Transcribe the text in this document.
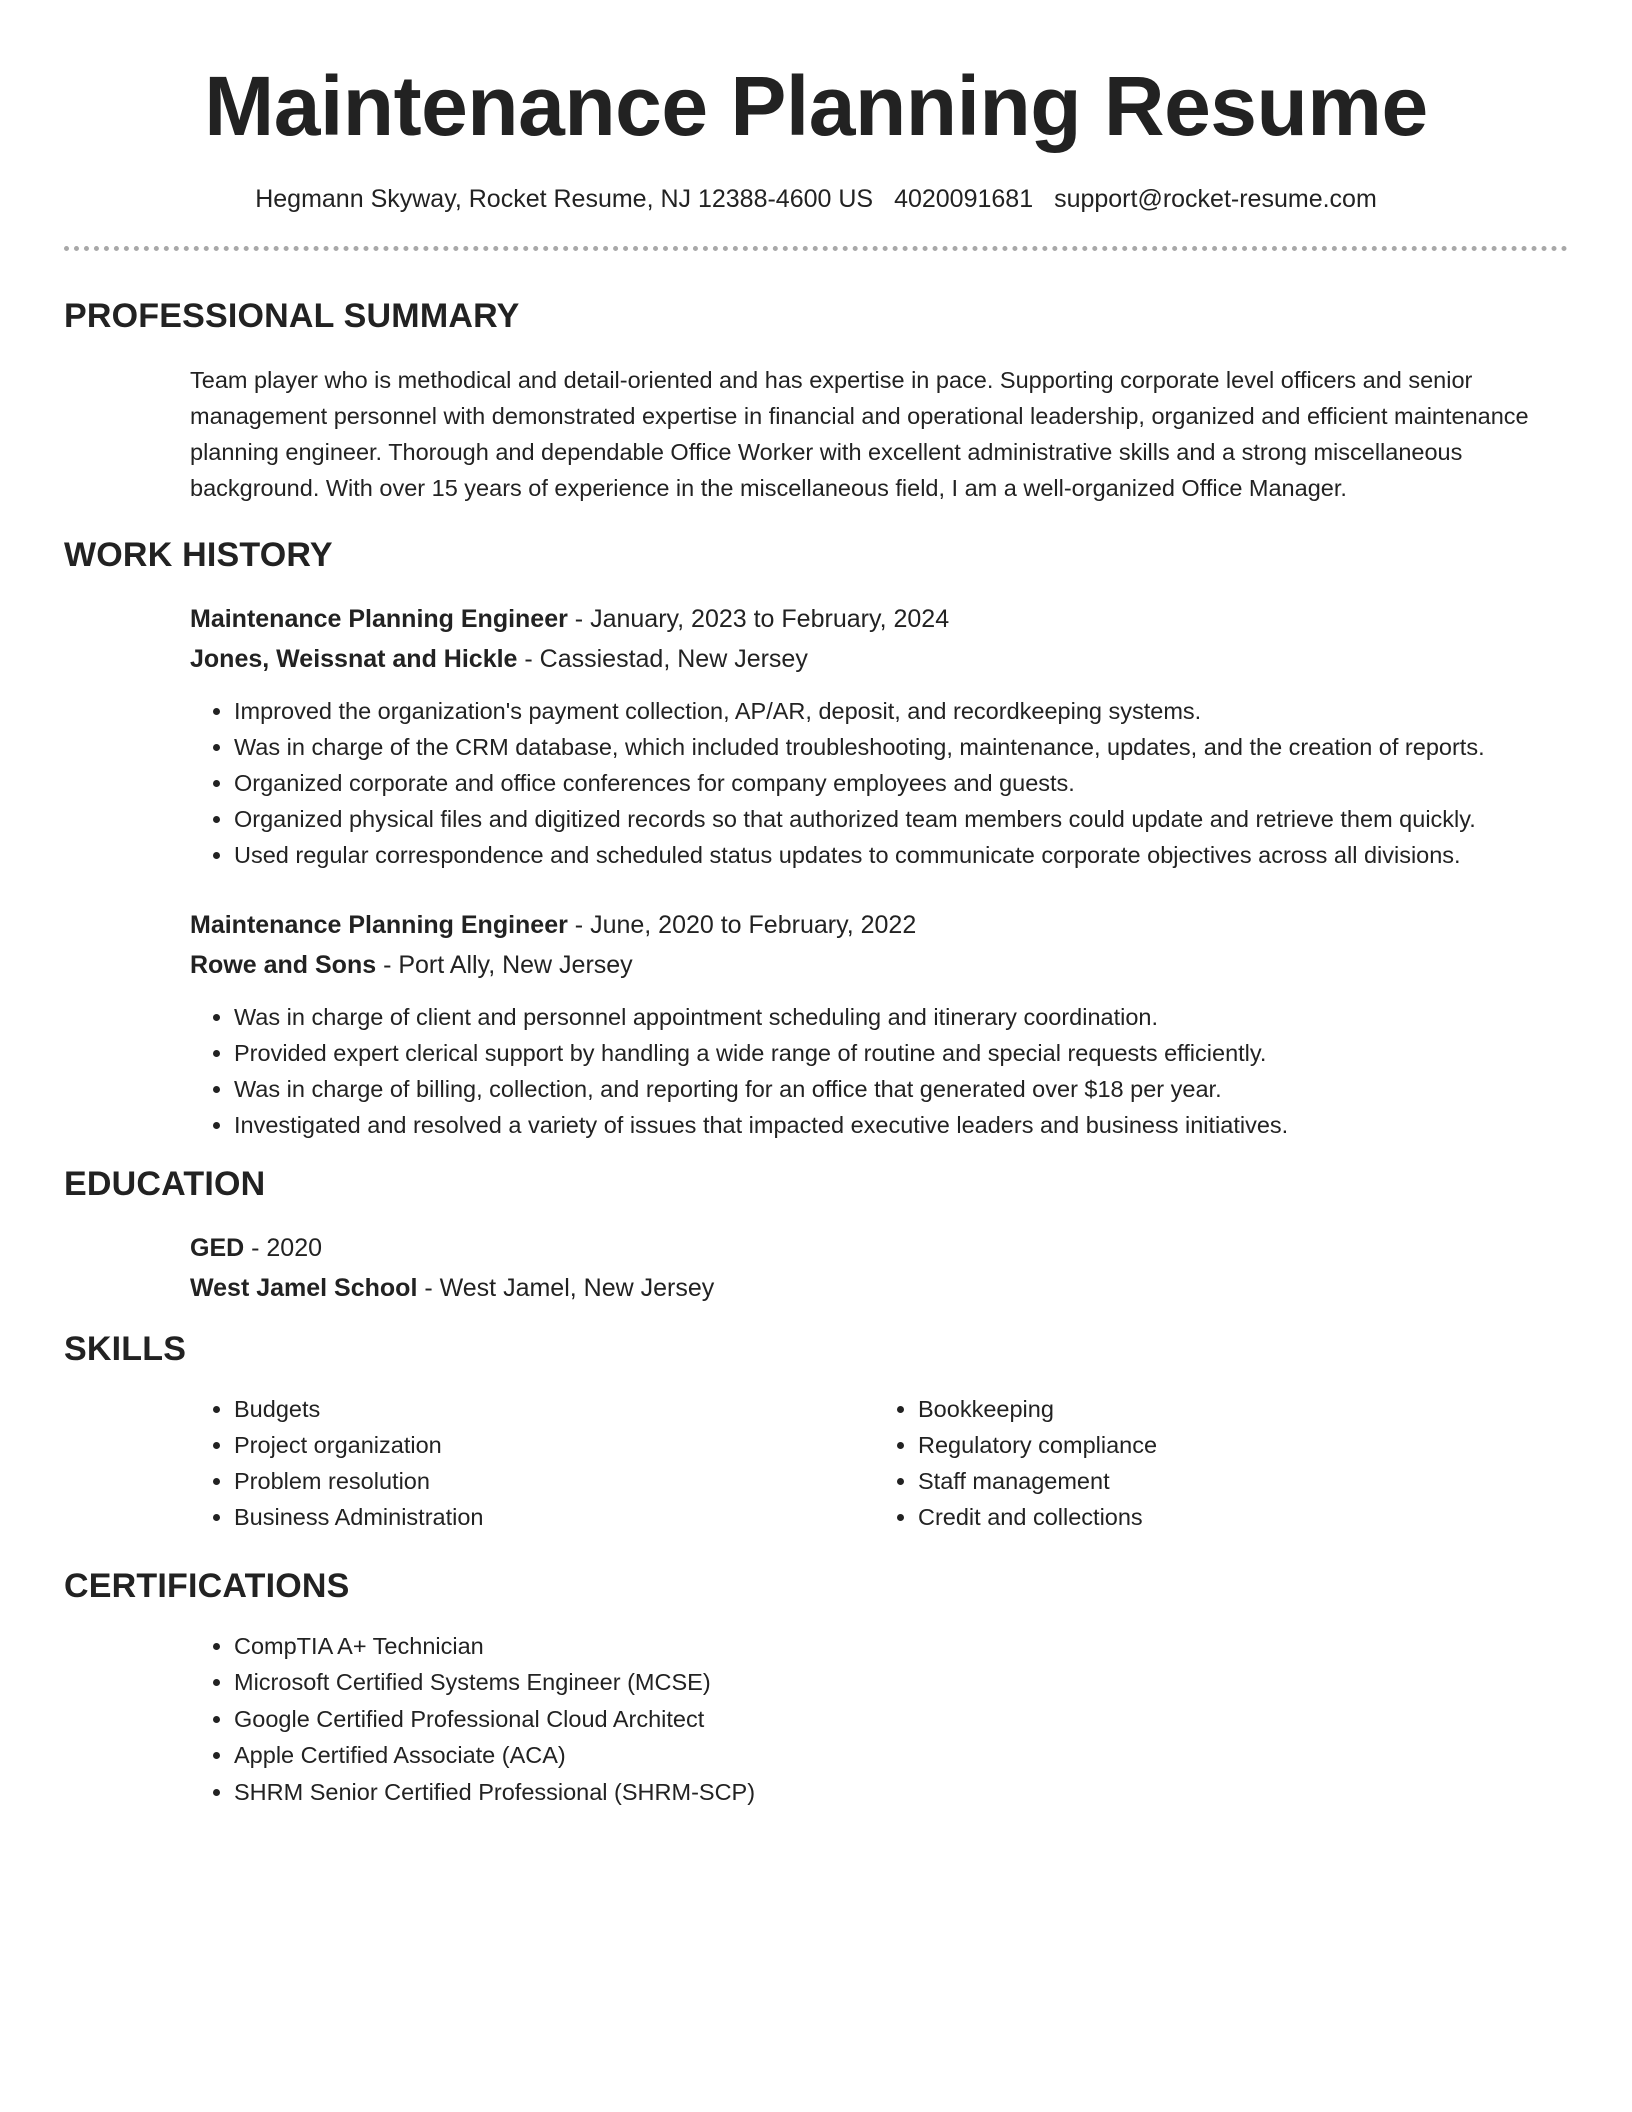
Maintenance Planning Resume
Hegmann Skyway, Rocket Resume, NJ 12388-4600 US 4020091681 support@rocket-resume.com
PROFESSIONAL SUMMARY

Team player who is methodical and detail-oriented and has expertise in pace. Supporting corporate level officers and senior management personnel with demonstrated expertise in financial and operational leadership, organized and efficient maintenance planning engineer. Thorough and dependable Office Worker with excellent administrative skills and a strong miscellaneous background. With over 15 years of experience in the miscellaneous field, I am a well-organized Office Manager.

WORK HISTORY
Maintenance Planning Engineer - January, 2023 to February, 2024
Jones, Weissnat and Hickle - Cassiestad, New Jersey
• Improved the organization's payment collection, AP/AR, deposit, and recordkeeping systems.
• Was in charge of the CRM database, which included troubleshooting, maintenance, updates, and the creation of reports.
• Organized corporate and office conferences for company employees and guests.
• Organized physical files and digitized records so that authorized team members could update and retrieve them quickly.
• Used regular correspondence and scheduled status updates to communicate corporate objectives across all divisions.
Maintenance Planning Engineer - June, 2020 to February, 2022
Rowe and Sons - Port Ally, New Jersey
• Was in charge of client and personnel appointment scheduling and itinerary coordination.
• Provided expert clerical support by handling a wide range of routine and special requests efficiently.
• Was in charge of billing, collection, and reporting for an office that generated over $18 per year.
• Investigated and resolved a variety of issues that impacted executive leaders and business initiatives.
EDUCATION
GED - 2020
West Jamel School - West Jamel, New Jersey
SKILLS
• Budgets
• Project organization
• Problem resolution
• Business Administration
• Bookkeeping
• Regulatory compliance
• Staff management
• Credit and collections
CERTIFICATIONS
• CompTIA A+ Technician
• Microsoft Certified Systems Engineer (MCSE)
• Google Certified Professional Cloud Architect
• Apple Certified Associate (ACA)
• SHRM Senior Certified Professional (SHRM-SCP)
